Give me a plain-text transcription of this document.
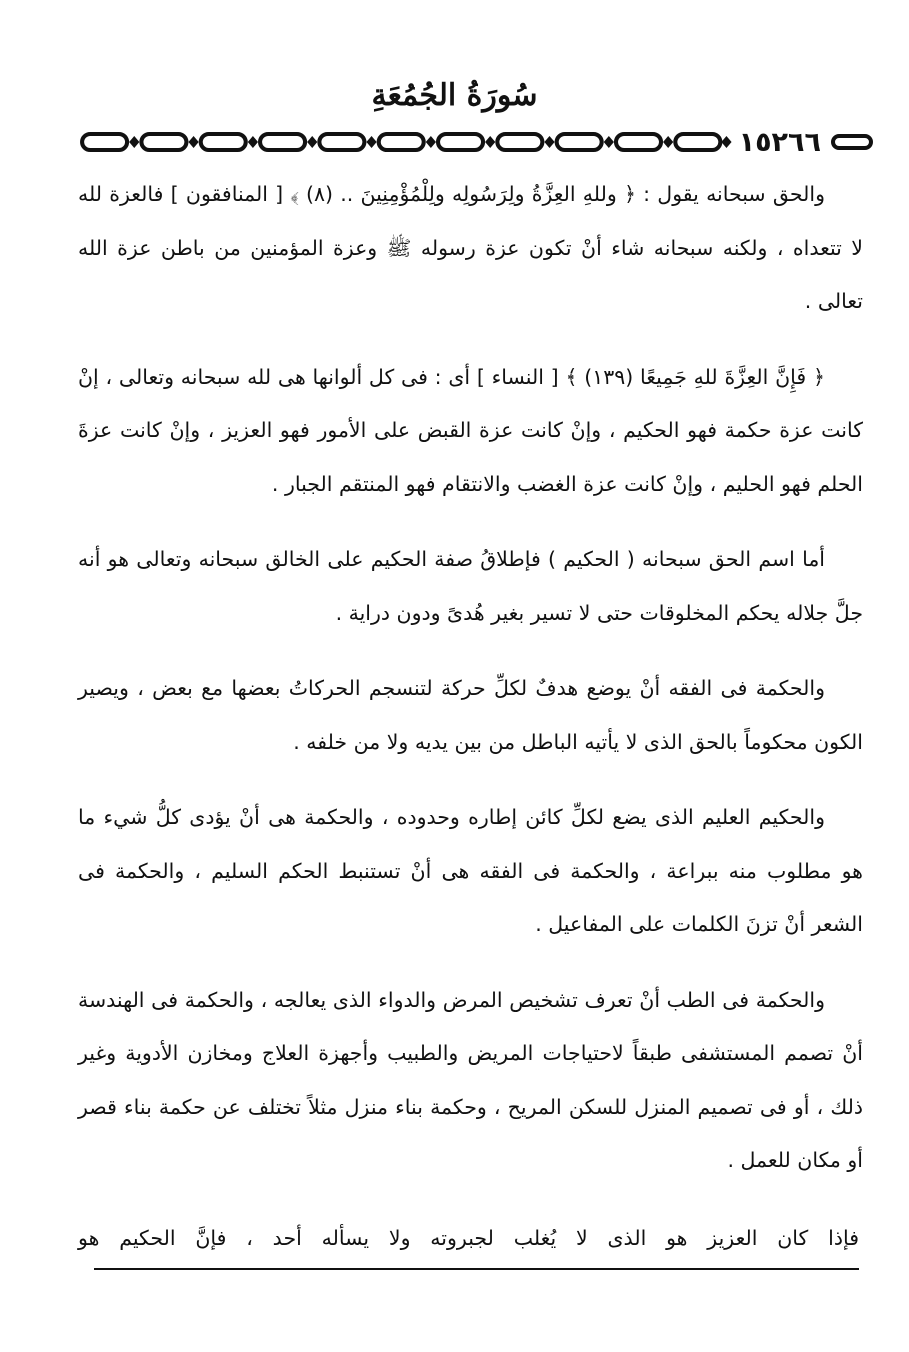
سُورَةُ الجُمُعَةِ
١٥٢٦٦

والحق سبحانه يقول : ﴿ وللهِ العِزَّةُ ولِرَسُولِه ولِلْمُؤْمِنِينَ .. (٨) ﴾ [ المنافقون ] فالعزة لله لا تتعداه ، ولكنه سبحانه شاء أنْ تكون عزة رسوله ﷺ وعزة المؤمنين من باطن عزة الله تعالى .

﴿ فَإِنَّ العِزَّةَ للهِ جَمِيعًا (١٣٩) ﴾ [ النساء ] أى : فى كل ألوانها هى لله سبحانه وتعالى ، إنْ كانت عزة حكمة فهو الحكيم ، وإنْ كانت عزة القبض على الأمور فهو العزيز ، وإنْ كانت عزةَ الحلم فهو الحليم ، وإنْ كانت عزة الغضب والانتقام فهو المنتقم الجبار .

أما اسم الحق سبحانه ( الحكيم ) فإطلاقُ صفة الحكيم على الخالق سبحانه وتعالى هو أنه جلَّ جلاله يحكم المخلوقات حتى لا تسير بغير هُدىً ودون دراية .

والحكمة فى الفقه أنْ يوضع هدفٌ لكلِّ حركة لتنسجم الحركاتُ بعضها مع بعض ، ويصير الكون محكوماً بالحق الذى لا يأتيه الباطل من بين يديه ولا من خلفه .

والحكيم العليم الذى يضع لكلِّ كائن إطاره وحدوده ، والحكمة هى أنْ يؤدى كلُّ شيء ما هو مطلوب منه ببراعة ، والحكمة فى الفقه هى أنْ تستنبط الحكم السليم ، والحكمة فى الشعر أنْ تزنَ الكلمات على المفاعيل .

والحكمة فى الطب أنْ تعرف تشخيص المرض والدواء الذى يعالجه ، والحكمة فى الهندسة أنْ تصمم المستشفى طبقاً لاحتياجات المريض والطبيب وأجهزة العلاج ومخازن الأدوية وغير ذلك ، أو فى تصميم المنزل للسكن المريح ، وحكمة بناء منزل مثلاً تختلف عن حكمة بناء قصر أو مكان للعمل .

فإذا كان العزيز هو الذى لا يُغلب لجبروته ولا يسأله أحد ، فإنَّ الحكيم هو
